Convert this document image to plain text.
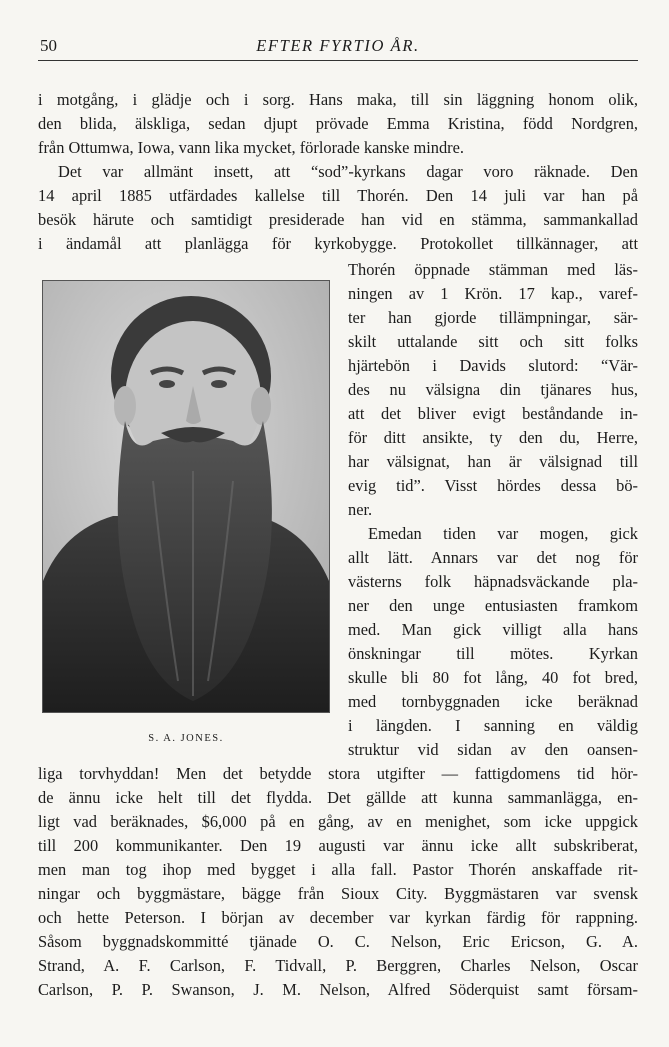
50	EFTER FYRTIO ÅR.
i motgång, i glädje och i sorg. Hans maka, till sin läggning honom olik,
den blida, älskliga, sedan djupt prövade Emma Kristina, född Nordgren,
från Ottumwa, Iowa, vann lika mycket, förlorade kanske mindre.
Det var allmänt insett, att “sod”-kyrkans dagar voro räknade. Den
14 april 1885 utfärdades kallelse till Thorén. Den 14 juli var han på
besök härute och samtidigt presiderade han vid en stämma, sammankallad
i ändamål att planlägga för kyrkobygge. Protokollet tillkännager, att
Thorén öppnade stämman med läs-
ningen av 1 Krön. 17 kap., varef-
ter han gjorde tillämpningar, sär-
skilt uttalande sitt och sitt folks
hjärtebön i Davids slutord: “Vär-
des nu välsigna din tjänares hus,
att det bliver evigt beståndande in-
för ditt ansikte, ty den du, Herre,
har välsignat, han är välsignad till
evig tid”. Visst hördes dessa bö-
ner.
Emedan tiden var mogen, gick
allt lätt. Annars var det nog för
västerns folk häpnadsväckande pla-
ner den unge entusiasten framkom
med. Man gick villigt alla hans
önskningar till mötes. Kyrkan
skulle bli 80 fot lång, 40 fot bred,
med tornbyggnaden icke beräknad
i längden. I sanning en väldig
struktur vid sidan av den oansen-
liga torvhyddan! Men det betydde stora utgifter — fattigdomens tid hör-
de ännu icke helt till det flydda. Det gällde att kunna sammanlägga, en-
ligt vad beräknades, $6,000 på en gång, av en menighet, som icke uppgick
till 200 kommunikanter. Den 19 augusti var ännu icke allt subskriberat,
men man tog ihop med bygget i alla fall. Pastor Thorén anskaffade rit-
ningar och byggmästare, bägge från Sioux City. Byggmästaren var svensk
och hette Peterson. I början av december var kyrkan färdig för rappning.
Såsom byggnadskommitté tjänade O. C. Nelson, Eric Ericson, G. A.
Strand, A. F. Carlson, F. Tidvall, P. Berggren, Charles Nelson, Oscar
Carlson, P. P. Swanson, J. M. Nelson, Alfred Söderquist samt försam-
S. A. JONES.
